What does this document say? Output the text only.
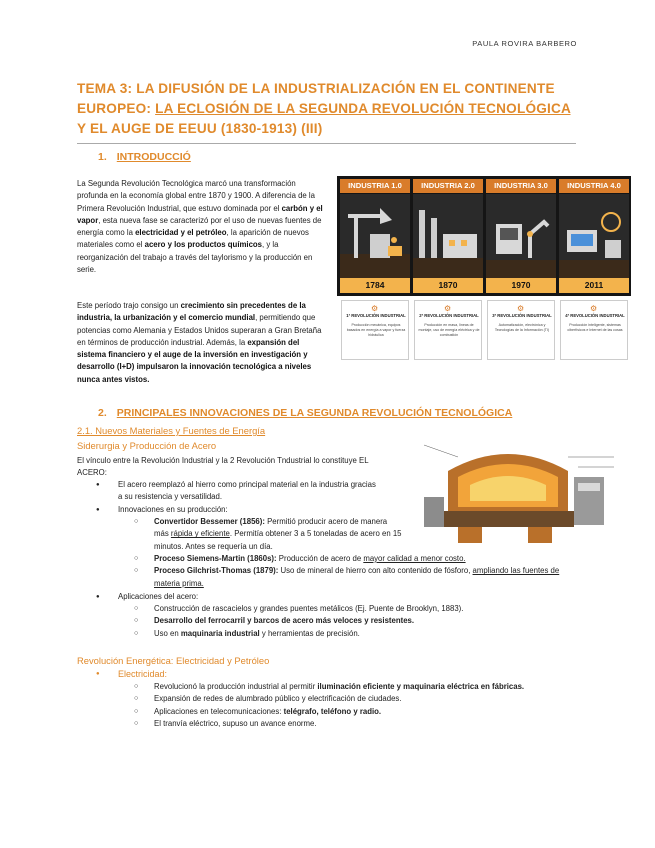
PAULA ROVIRA BARBERO
TEMA 3: LA DIFUSIÓN DE LA INDUSTRIALIZACIÓN EN EL CONTINENTE EUROPEO: LA ECLOSIÓN DE LA SEGUNDA REVOLUCIÓN TECNOLÓGICA Y EL AUGE DE EEUU (1830-1913) (III)
1. INTRODUCCIÓ
La Segunda Revolución Tecnológica marcó una transformación profunda en la economía global entre 1870 y 1900. A diferencia de la Primera Revolución Industrial, que estuvo dominada por el carbón y el vapor, esta nueva fase se caracterizó por el uso de nuevas fuentes de energía como la electricidad y el petróleo, la aparición de nuevos materiales como el acero y los productos químicos, y la reorganización del trabajo a través del taylorismo y la producción en serie.
Este período trajo consigo un crecimiento sin precedentes de la industria, la urbanización y el comercio mundial, permitiendo que potencias como Alemania y Estados Unidos superaran a Gran Bretaña en términos de producción industrial. Además, la expansión del sistema financiero y el auge de la inversión en investigación y desarrollo (I+D) impulsaron la innovación tecnológica a niveles nunca antes vistos.
INDUSTRIA 1.0
1784
INDUSTRIA 2.0
1870
INDUSTRIA 3.0
1970
INDUSTRIA 4.0
2011
⚙
1ª REVOLUCIÓN INDUSTRIAL
Producción mecánica, equipos basados en energía a vapor y fuerza hidráulica
⚙
2ª REVOLUCIÓN INDUSTRIAL
Producción en masa, líneas de montaje, uso de energía eléctrica y de combustión
⚙
3ª REVOLUCIÓN INDUSTRIAL
Automatización, electrónica y Tecnologías de la Información (TI)
⚙
4ª REVOLUCIÓN INDUSTRIAL
Producción inteligente, sistemas ciberfísicos e Internet de las cosas
2. PRINCIPALES INNOVACIONES DE LA SEGUNDA REVOLUCIÓN TECNOLÓGICA
2.1. Nuevos Materiales y Fuentes de Energía
Siderurgia y Producción de Acero
El vínculo entre la Revolución Industrial y la 2 Revolución Tndustrial lo constituye EL ACERO:
● El acero reemplazó al hierro como principal material en la industria gracias a su resistencia y versatilidad.
● Innovaciones en su producción:
○ Convertidor Bessemer (1856): Permitió producir acero de manera más rápida y eficiente. Permitía obtener 3 a 5 toneladas de acero en 15 minutos. Antes se requería un día.
○ Proceso Siemens-Martin (1860s): Producción de acero de mayor calidad a menor costo.
○ Proceso Gilchrist-Thomas (1879): Uso de mineral de hierro con alto contenido de fósforo, ampliando las fuentes de materia prima.
● Aplicaciones del acero:
○ Construcción de rascacielos y grandes puentes metálicos (Ej. Puente de Brooklyn, 1883).
○ Desarrollo del ferrocarril y barcos de acero más veloces y resistentes.
○ Uso en maquinaria industrial y herramientas de precisión.
Revolución Energética: Electricidad y Petróleo
● Electricidad:
○ Revolucionó la producción industrial al permitir iluminación eficiente y maquinaria eléctrica en fábricas.
○ Expansión de redes de alumbrado público y electrificación de ciudades.
○ Aplicaciones en telecomunicaciones: telégrafo, teléfono y radio.
○ El tranvía eléctrico, supuso un avance enorme.
